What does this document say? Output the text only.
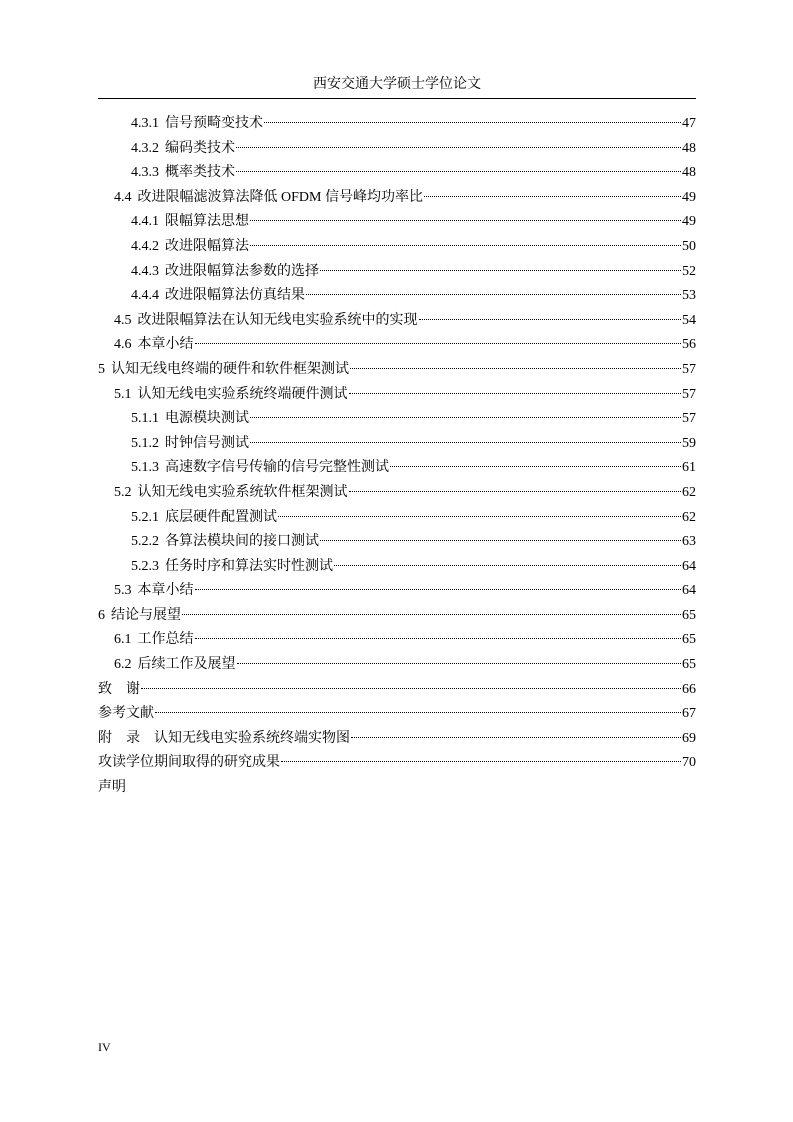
西安交通大学硕士学位论文
4.3.1 信号预畸变技术	47
4.3.2 编码类技术	48
4.3.3 概率类技术	48
4.4 改进限幅滤波算法降低 OFDM 信号峰均功率比	49
4.4.1 限幅算法思想	49
4.4.2 改进限幅算法	50
4.4.3 改进限幅算法参数的选择	52
4.4.4 改进限幅算法仿真结果	53
4.5 改进限幅算法在认知无线电实验系统中的实现	54
4.6 本章小结	56
5 认知无线电终端的硬件和软件框架测试	57
5.1 认知无线电实验系统终端硬件测试	57
5.1.1 电源模块测试	57
5.1.2 时钟信号测试	59
5.1.3 高速数字信号传输的信号完整性测试	61
5.2 认知无线电实验系统软件框架测试	62
5.2.1 底层硬件配置测试	62
5.2.2 各算法模块间的接口测试	63
5.2.3 任务时序和算法实时性测试	64
5.3 本章小结	64
6 结论与展望	65
6.1 工作总结	65
6.2 后续工作及展望	65
致　谢	66
参考文献	67
附　录　认知无线电实验系统终端实物图	69
攻读学位期间取得的研究成果	70
声明
IV
